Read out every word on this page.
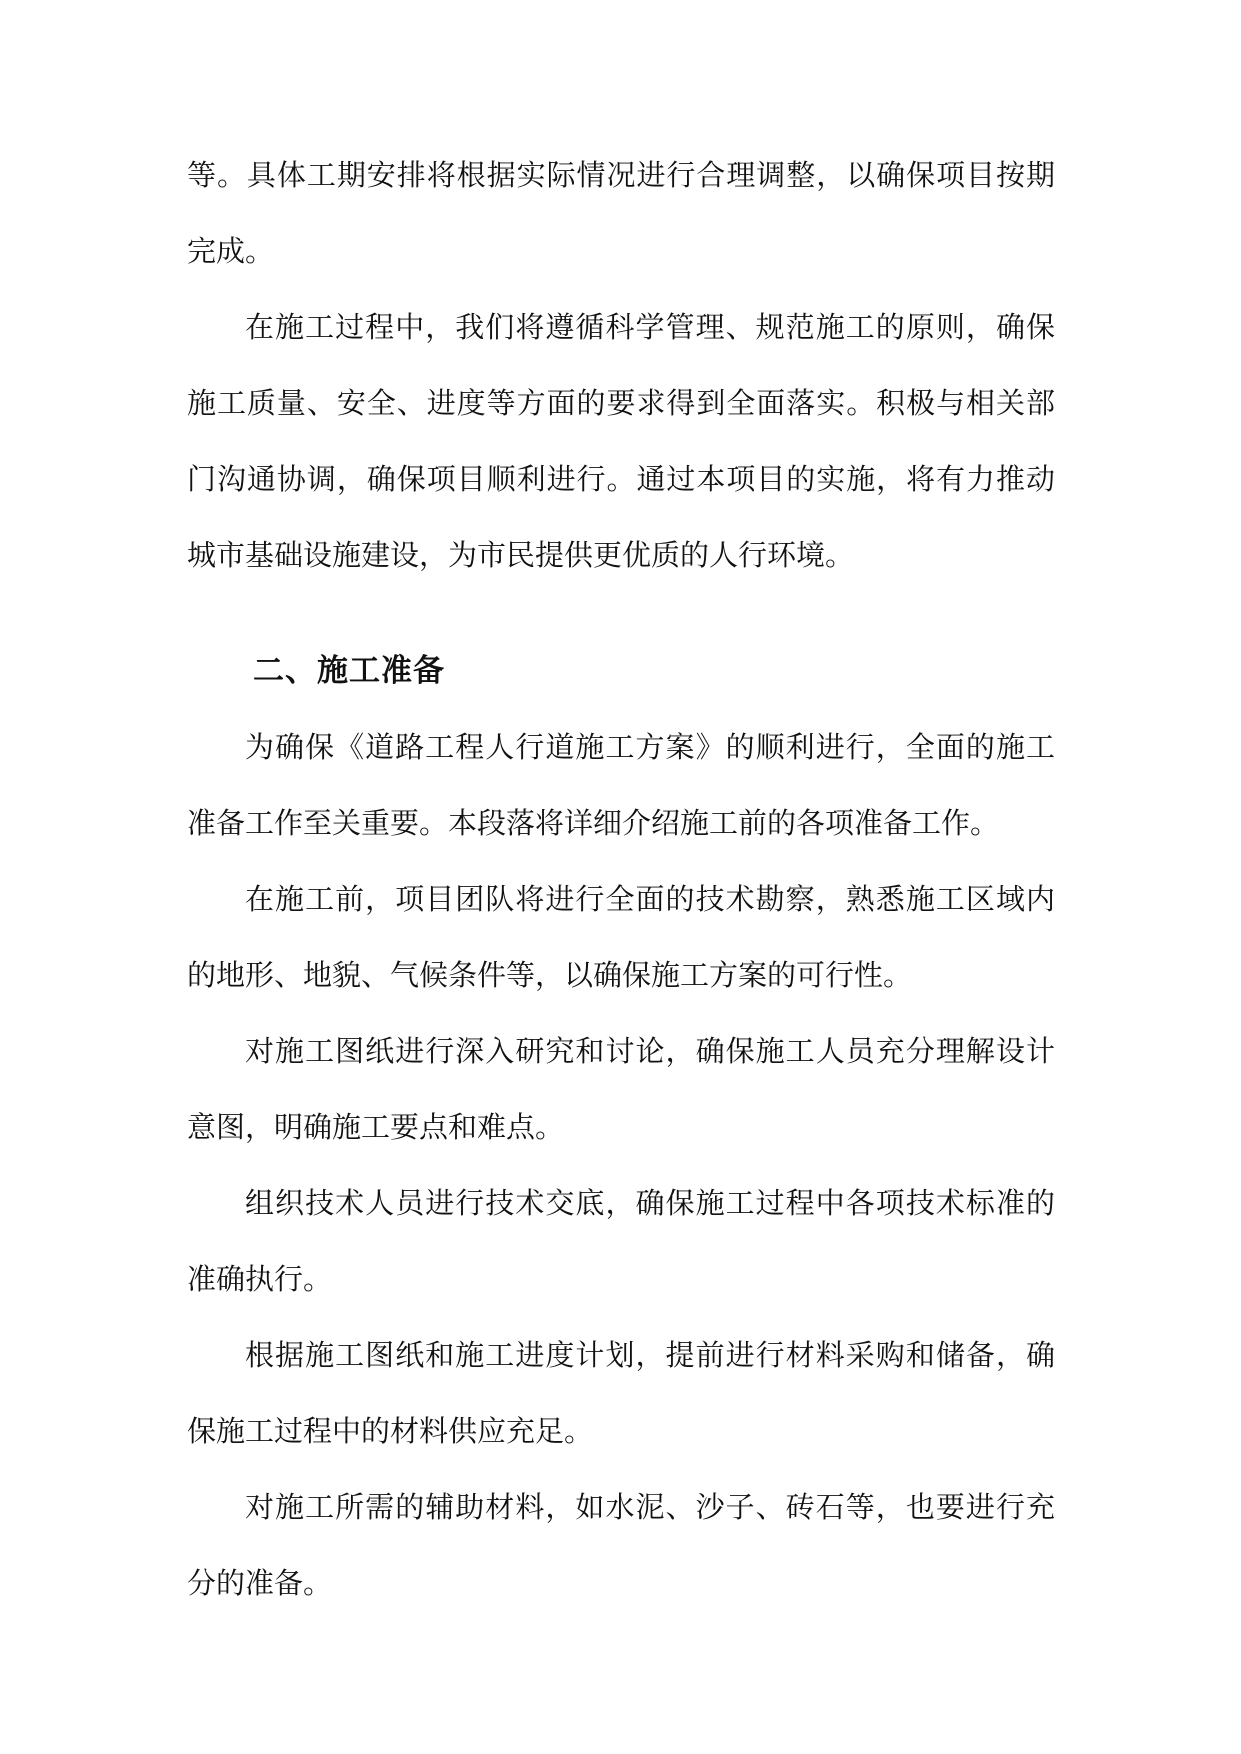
等。具体工期安排将根据实际情况进行合理调整，以确保项目按期完成。

在施工过程中，我们将遵循科学管理、规范施工的原则，确保施工质量、安全、进度等方面的要求得到全面落实。积极与相关部门沟通协调，确保项目顺利进行。通过本项目的实施，将有力推动城市基础设施建设，为市民提供更优质的人行环境。

二、施工准备

为确保《道路工程人行道施工方案》的顺利进行，全面的施工准备工作至关重要。本段落将详细介绍施工前的各项准备工作。

在施工前，项目团队将进行全面的技术勘察，熟悉施工区域内的地形、地貌、气候条件等，以确保施工方案的可行性。

对施工图纸进行深入研究和讨论，确保施工人员充分理解设计意图，明确施工要点和难点。

组织技术人员进行技术交底，确保施工过程中各项技术标准的准确执行。

根据施工图纸和施工进度计划，提前进行材料采购和储备，确保施工过程中的材料供应充足。

对施工所需的辅助材料，如水泥、沙子、砖石等，也要进行充分的准备。
